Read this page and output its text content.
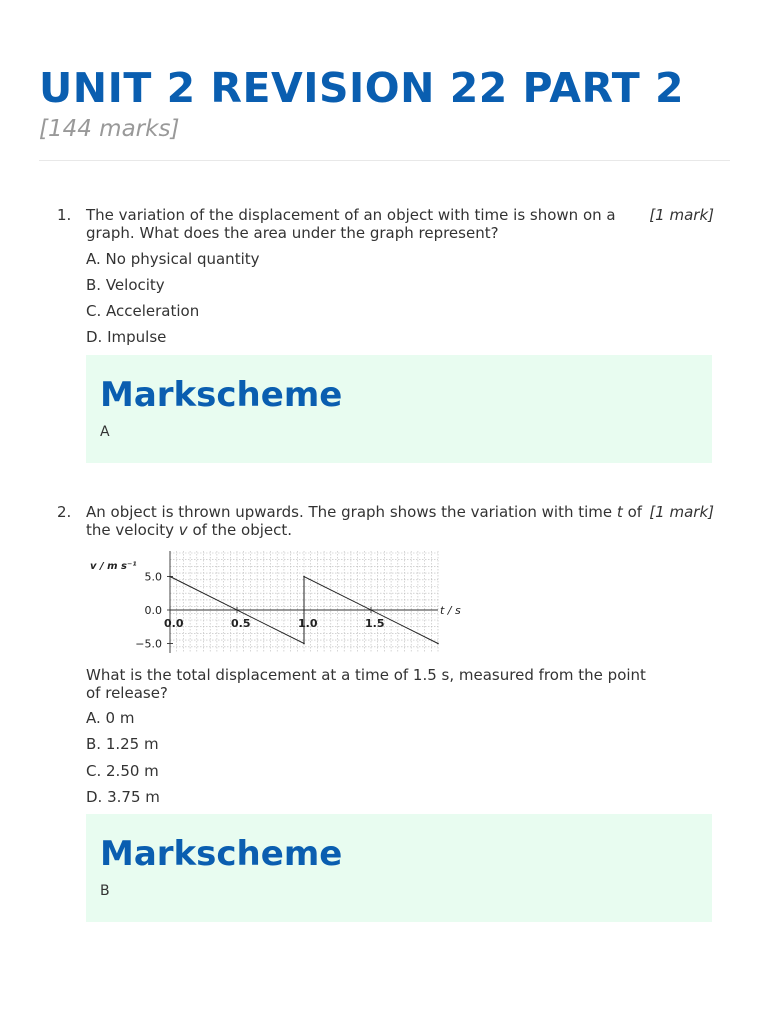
UNIT 2 REVISION 22 PART 2
[144 marks]
1. The variation of the displacement of an object with time is shown on a graph. What does the area under the graph represent?
[1 mark]
A. No physical quantity
B. Velocity
C. Acceleration
D. Impulse
Markscheme
A
2. An object is thrown upwards. The graph shows the variation with time t of the velocity v of the object.
[1 mark]
v / m s⁻¹
t / s
5.0
0.0
−5.0
0.0	0.5	1.0	1.5
What is the total displacement at a time of 1.5 s, measured from the point of release?
A. 0 m
B. 1.25 m
C. 2.50 m
D. 3.75 m
Markscheme
B
